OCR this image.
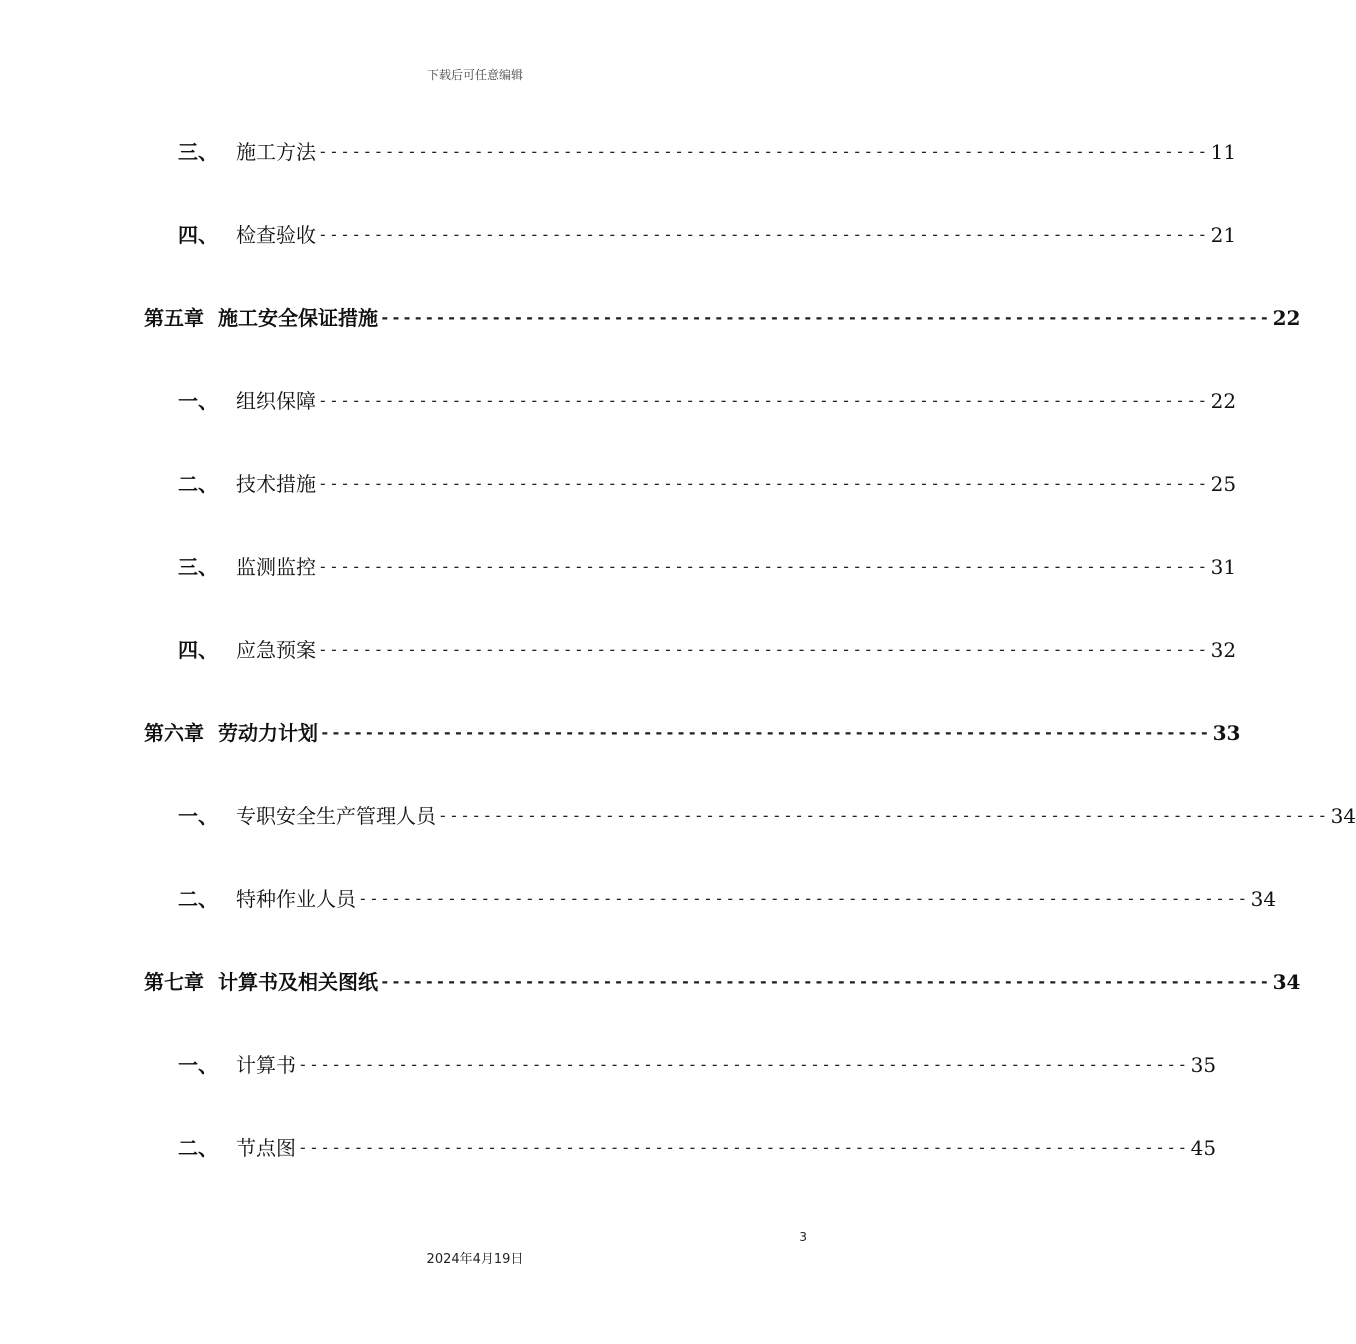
下载后可任意编辑
三、 施工方法 -------------------------------------------------------------------------------- 11
四、 检查验收 -------------------------------------------------------------------------------- 21
第五章 施工安全保证措施 -------------------------------------------------------------------------------- 22
一、 组织保障 -------------------------------------------------------------------------------- 22
二、 技术措施 -------------------------------------------------------------------------------- 25
三、 监测监控 -------------------------------------------------------------------------------- 31
四、 应急预案 -------------------------------------------------------------------------------- 32
第六章 劳动力计划 -------------------------------------------------------------------------------- 33
一、 专职安全生产管理人员 -------------------------------------------------------------------------------- 34
二、 特种作业人员 -------------------------------------------------------------------------------- 34
第七章 计算书及相关图纸 -------------------------------------------------------------------------------- 34
一、 计算书 -------------------------------------------------------------------------------- 35
二、 节点图 -------------------------------------------------------------------------------- 45
3
2024年4月19日
